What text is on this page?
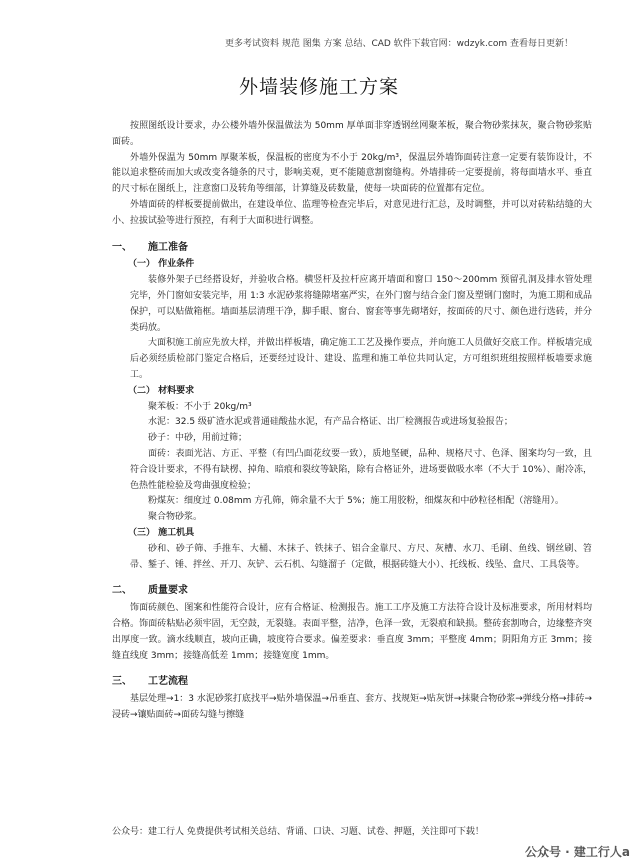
更多考试资料 规范 图集 方案 总结、CAD 软件下载官网：wdzyk.com 查看每日更新！
外墙装修施工方案

按照图纸设计要求，办公楼外墙外保温做法为 50mm 厚单面非穿透钢丝网聚苯板，聚合物砂浆抹灰，聚合物砂浆贴面砖。

外墙外保温为 50mm 厚聚苯板，保温板的密度为不小于 20kg/m³，保温层外墙饰面砖注意一定要有装饰设计，不能以追求整砖而加大或改变各缝条的尺寸，影响美观，更不能随意割窗缝构。外墙排砖一定要提前，将每面墙水平、垂直的尺寸标在图纸上，注意窗口及转角等细部，计算缝及砖数量，使每一块面砖的位置都有定位。

外墙面砖的样板要提前做出，在建设单位、监理等检查完毕后，对意见进行汇总，及时调整，并可以对砖粘结缝的大小、拉拔试验等进行预控，有利于大面积进行调整。

一、 施工准备

（一） 作业条件

装修外架子已经搭设好，并验收合格。横竖杆及拉杆应离开墙面和窗口 150～200mm 预留孔洞及排水管处理完毕，外门窗如安装完毕，用 1:3 水泥砂浆将缝隙堵塞严实，在外门窗与结合金门窗及塑钢门窗时，为施工期和成品保护，可以贴做箱框。墙面基层清理干净，脚手眼、窗台、窗套等事先砌堵好，按面砖的尺寸、颜色进行选砖，并分类码放。

大面积施工前应先放大样，并做出样板墙，确定施工工艺及操作要点，并向施工人员做好交底工作。样板墙完成后必须经质检部门鉴定合格后，还要经过设计、建设、监理和施工单位共同认定，方可组织班组按照样板墙要求施工。

（二） 材料要求

聚苯板：不小于 20kg/m³

水泥：32.5 级矿渣水泥或普通硅酸盐水泥，有产品合格证、出厂检测报告或进场复验报告；

砂子：中砂，用前过筛；

面砖：表面光洁、方正、平整（有凹凸面花纹要一致），质地坚硬，品种、规格尺寸、色泽、图案均匀一致，且符合设计要求，不得有缺楞、掉角、暗痕和裂纹等缺陷，除有合格证外，进场要做吸水率（不大于 10%）、耐冷冻，色热性能检验及弯曲强度检验；

粉煤灰：细度过 0.08mm 方孔筛，筛余量不大于 5%；施工用胶粉，细煤灰和中砂粒径相配（溶缝用）。

聚合物砂浆。

（三） 施工机具

砂和、砂子筛、手推车、大桶、木抹子、铁抹子、铝合金靠尺、方尺、灰槽、水刀、毛刷、鱼线、钢丝刷、笤帚、錾子、锤、拌丝、开刀、灰铲、云石机、勾缝溜子（定做，根据砖缝大小）、托线板、线坠、盒尺、工具袋等。

二、 质量要求

饰面砖颜色、图案和性能符合设计，应有合格证、检测报告。施工工序及施工方法符合设计及标准要求，所用材料均合格。饰面砖粘贴必须牢固，无空鼓，无裂缝。表面平整，洁净，色泽一致，无裂痕和缺损。整砖套割吻合，边缘整齐突出厚度一致。滴水线顺直，坡向正确，坡度符合要求。偏差要求：垂直度 3mm；平整度 4mm；阴阳角方正 3mm；接缝直线度 3mm；接缝高低差 1mm；接缝宽度 1mm。

三、 工艺流程

基层处理→1：3 水泥砂浆打底找平→贴外墙保温→吊垂直、套方、找规矩→贴灰饼→抹聚合物砂浆→弹线分格→排砖→浸砖→镶贴面砖→面砖勾缝与擦缝

公众号：建工行人 免费提供考试相关总结、背诵、口诀、习题、试卷、押题，关注即可下载！
公众号 · 建工行人a
